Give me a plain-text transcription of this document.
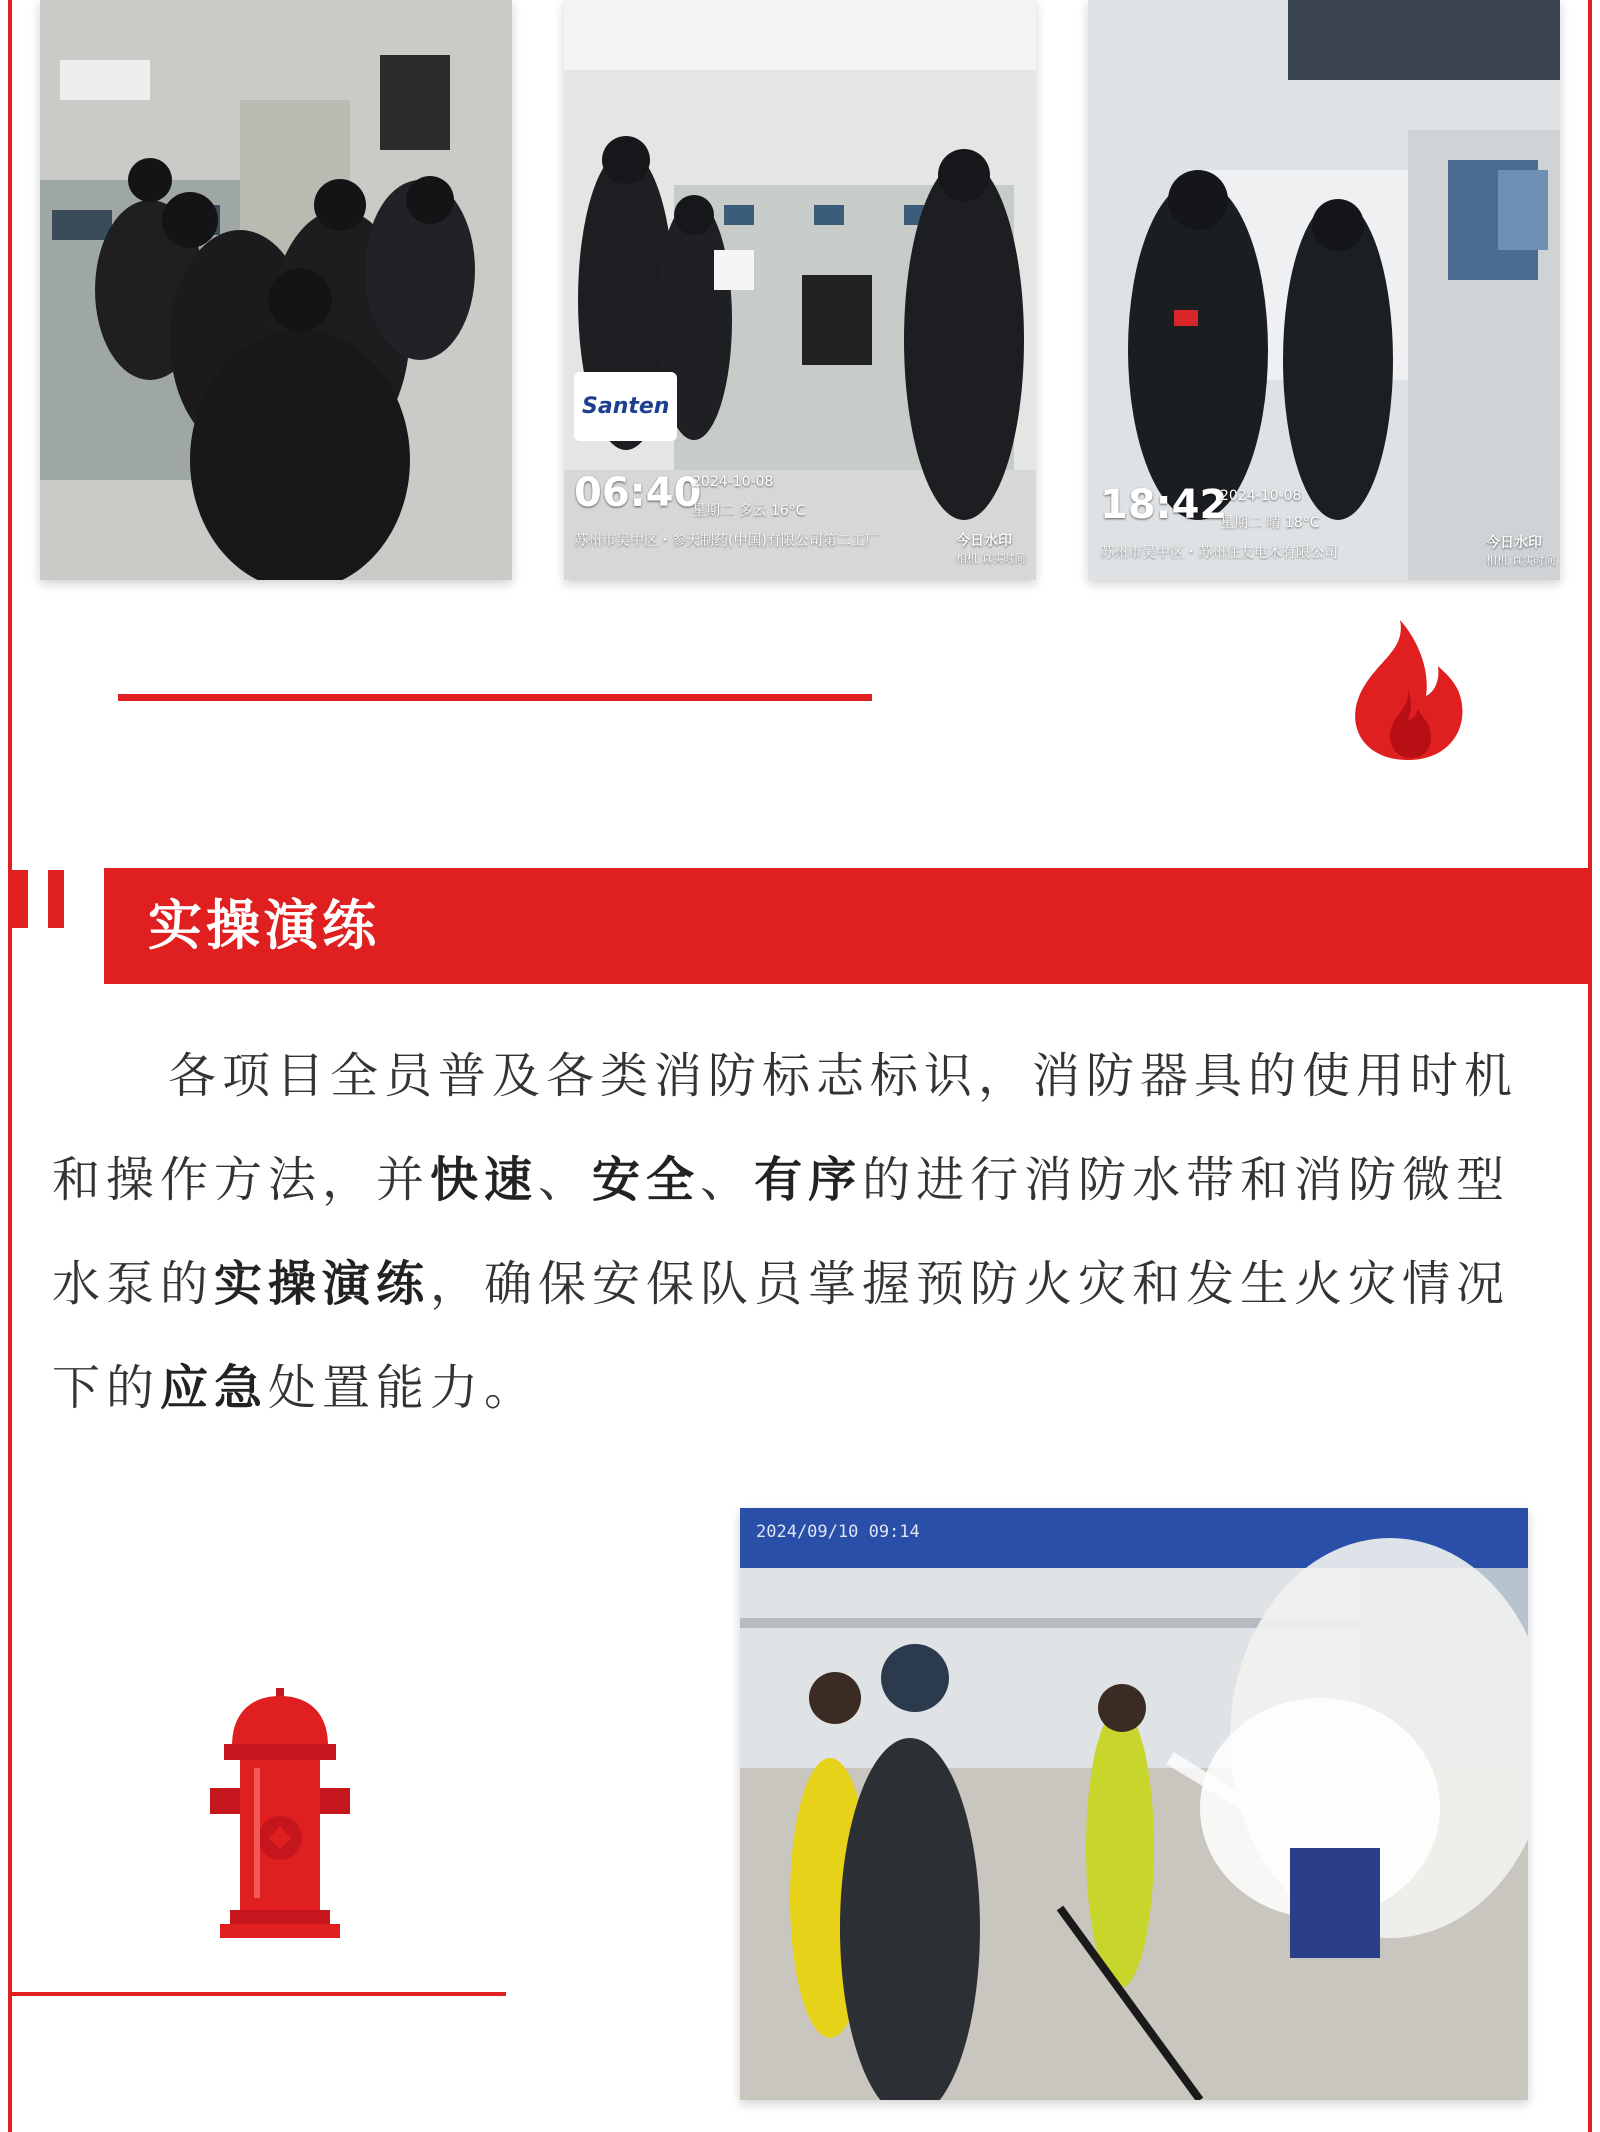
Santen
06:40
2024-10-08
星期二 多云 16°C
苏州市吴中区・参天制药(中国)有限公司第二工厂	今日水印
相机 真实时间
18:42
2024-10-08
星期二 晴 18°C
苏州市吴中区・苏州住友电木有限公司
今日水印
相机 真实时间
实操演练

各项目全员普及各类消防标志标识，消防器具的使用时机和操作方法，并快速、安全、有序的进行消防水带和消防微型水泵的实操演练，确保安保队员掌握预防火灾和发生火灾情况下的应急处置能力。

2024/09/10 09:14
